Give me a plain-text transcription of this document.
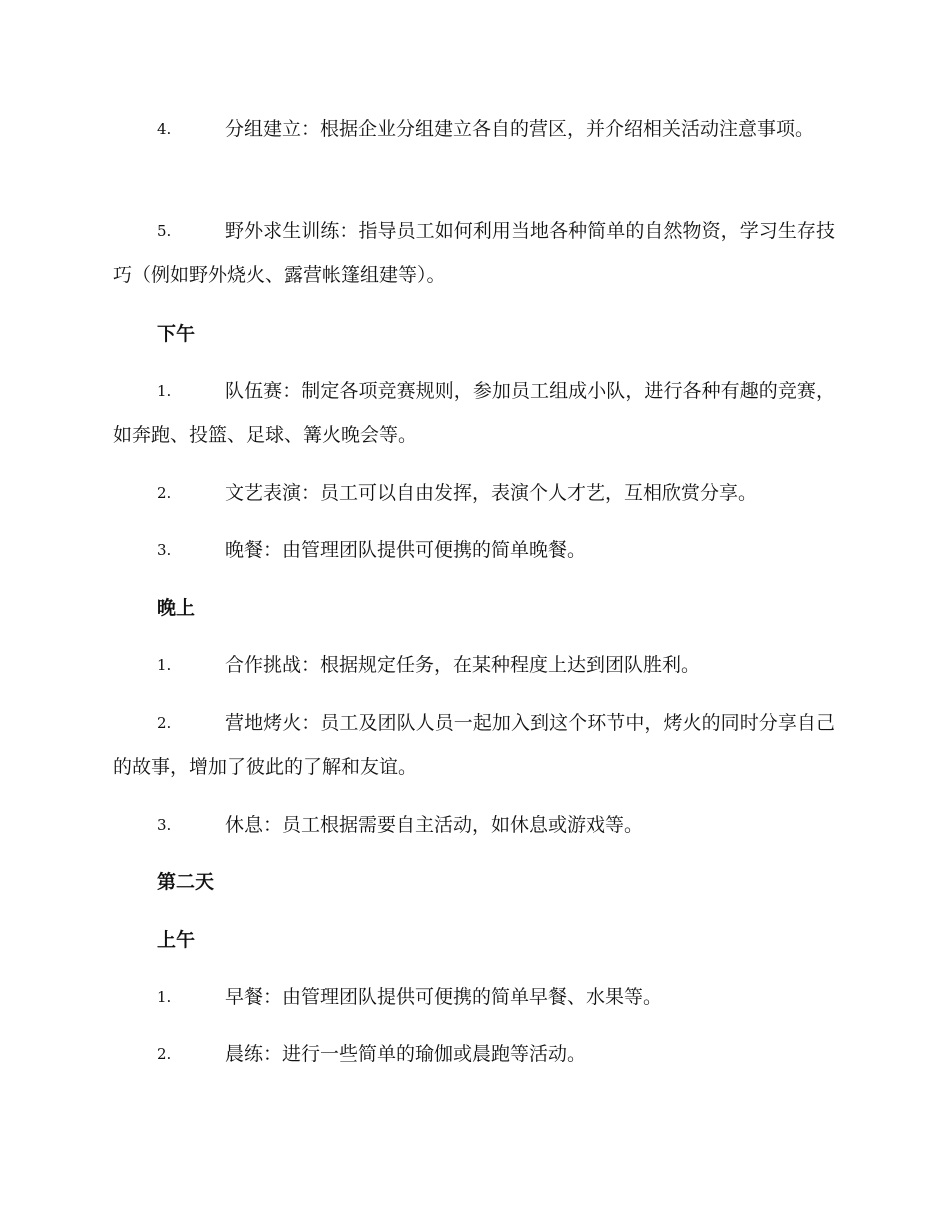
4.	分组建立：根据企业分组建立各自的营区，并介绍相关活动注意事项。
5.	野外求生训练：指导员工如何利用当地各种简单的自然物资，学习生存技巧（例如野外烧火、露营帐篷组建等）。
下午
1.	队伍赛：制定各项竞赛规则，参加员工组成小队，进行各种有趣的竞赛，如奔跑、投篮、足球、篝火晚会等。
2.	文艺表演：员工可以自由发挥，表演个人才艺，互相欣赏分享。
3.	晚餐：由管理团队提供可便携的简单晚餐。
晚上
1.	合作挑战：根据规定任务，在某种程度上达到团队胜利。
2.	营地烤火：员工及团队人员一起加入到这个环节中，烤火的同时分享自己的故事，增加了彼此的了解和友谊。
3.	休息：员工根据需要自主活动，如休息或游戏等。
第二天
上午
1.	早餐：由管理团队提供可便携的简单早餐、水果等。
2.	晨练：进行一些简单的瑜伽或晨跑等活动。
